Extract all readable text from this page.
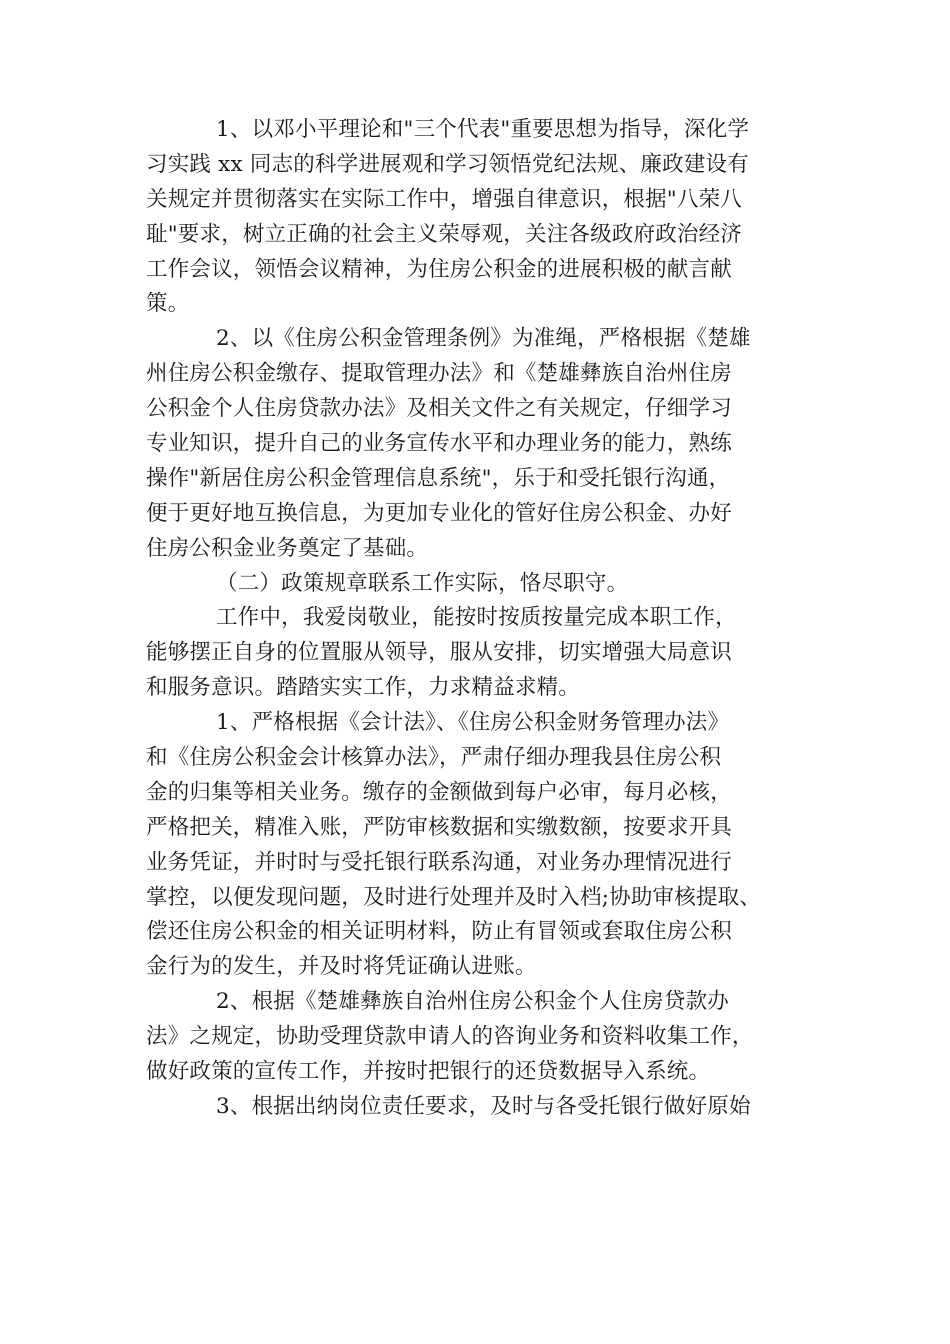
1、以邓小平理论和"三个代表"重要思想为指导，深化学
习实践 xx 同志的科学进展观和学习领悟党纪法规、廉政建设有
关规定并贯彻落实在实际工作中，增强自律意识，根据"八荣八
耻"要求，树立正确的社会主义荣辱观，关注各级政府政治经济
工作会议，领悟会议精神，为住房公积金的进展积极的献言献
策。
2、以《住房公积金管理条例》为准绳，严格根据《楚雄
州住房公积金缴存、提取管理办法》和《楚雄彝族自治州住房
公积金个人住房贷款办法》及相关文件之有关规定，仔细学习
专业知识，提升自己的业务宣传水平和办理业务的能力，熟练
操作"新居住房公积金管理信息系统"，乐于和受托银行沟通，
便于更好地互换信息，为更加专业化的管好住房公积金、办好
住房公积金业务奠定了基础。
（二）政策规章联系工作实际，恪尽职守。
工作中，我爱岗敬业，能按时按质按量完成本职工作，
能够摆正自身的位置服从领导，服从安排，切实增强大局意识
和服务意识。踏踏实实工作，力求精益求精。
1、严格根据《会计法》、《住房公积金财务管理办法》
和《住房公积金会计核算办法》，严肃仔细办理我县住房公积
金的归集等相关业务。缴存的金额做到每户必审，每月必核，
严格把关，精准入账，严防审核数据和实缴数额，按要求开具
业务凭证，并时时与受托银行联系沟通，对业务办理情况进行
掌控，以便发现问题，及时进行处理并及时入档;协助审核提取、
偿还住房公积金的相关证明材料，防止有冒领或套取住房公积
金行为的发生，并及时将凭证确认进账。
2、根据《楚雄彝族自治州住房公积金个人住房贷款办
法》之规定，协助受理贷款申请人的咨询业务和资料收集工作，
做好政策的宣传工作，并按时把银行的还贷数据导入系统。
3、根据出纳岗位责任要求，及时与各受托银行做好原始
